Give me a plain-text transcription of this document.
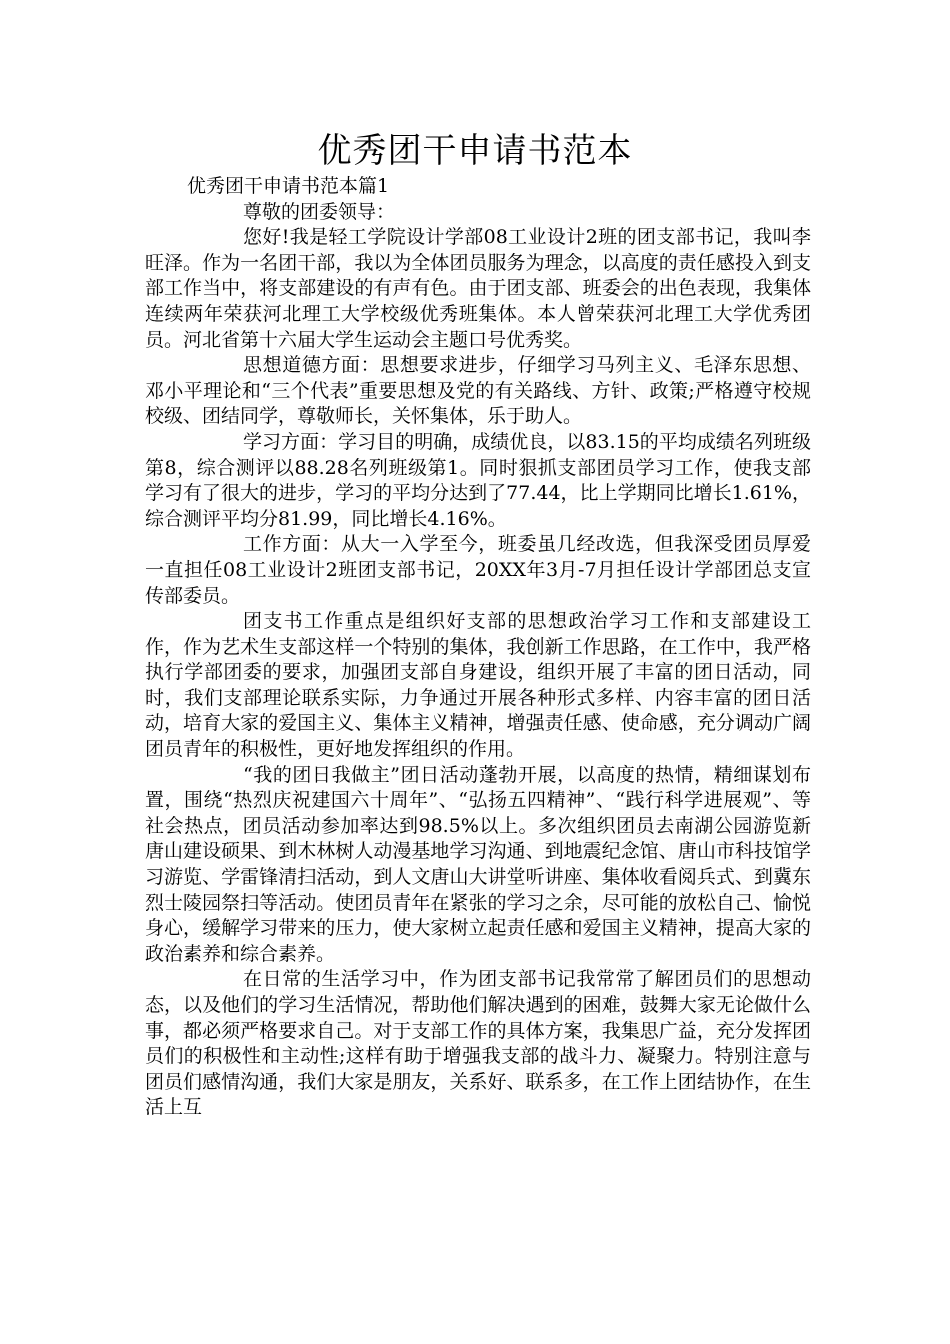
优秀团干申请书范本

优秀团干申请书范本篇1

尊敬的团委领导：

您好!我是轻工学院设计学部08工业设计2班的团支部书记，我叫李旺泽。作为一名团干部，我以为全体团员服务为理念，以高度的责任感投入到支部工作当中，将支部建设的有声有色。由于团支部、班委会的出色表现，我集体连续两年荣获河北理工大学校级优秀班集体。本人曾荣获河北理工大学优秀团员。河北省第十六届大学生运动会主题口号优秀奖。

思想道德方面：思想要求进步，仔细学习马列主义、毛泽东思想、邓小平理论和“三个代表”重要思想及党的有关路线、方针、政策;严格遵守校规校级、团结同学，尊敬师长，关怀集体，乐于助人。

学习方面：学习目的明确，成绩优良，以83.15的平均成绩名列班级第8，综合测评以88.28名列班级第1。同时狠抓支部团员学习工作，使我支部学习有了很大的进步，学习的平均分达到了77.44，比上学期同比增长1.61%，综合测评平均分81.99，同比增长4.16%。

工作方面：从大一入学至今，班委虽几经改选，但我深受团员厚爱一直担任08工业设计2班团支部书记，20XX年3月-7月担任设计学部团总支宣传部委员。

团支书工作重点是组织好支部的思想政治学习工作和支部建设工作，作为艺术生支部这样一个特别的集体，我创新工作思路，在工作中，我严格执行学部团委的要求，加强团支部自身建设，组织开展了丰富的团日活动，同时，我们支部理论联系实际，力争通过开展各种形式多样、内容丰富的团日活动，培育大家的爱国主义、集体主义精神，增强责任感、使命感，充分调动广阔团员青年的积极性，更好地发挥组织的作用。

“我的团日我做主”团日活动蓬勃开展，以高度的热情，精细谋划布置，围绕“热烈庆祝建国六十周年”、“弘扬五四精神”、“践行科学进展观”、等社会热点，团员活动参加率达到98.5%以上。多次组织团员去南湖公园游览新唐山建设硕果、到木林树人动漫基地学习沟通、到地震纪念馆、唐山市科技馆学习游览、学雷锋清扫活动，到人文唐山大讲堂听讲座、集体收看阅兵式、到冀东烈士陵园祭扫等活动。使团员青年在紧张的学习之余，尽可能的放松自己、愉悦身心，缓解学习带来的压力，使大家树立起责任感和爱国主义精神，提高大家的政治素养和综合素养。

在日常的生活学习中，作为团支部书记我常常了解团员们的思想动态，以及他们的学习生活情况，帮助他们解决遇到的困难，鼓舞大家无论做什么事，都必须严格要求自己。对于支部工作的具体方案，我集思广益，充分发挥团员们的积极性和主动性;这样有助于增强我支部的战斗力、凝聚力。特别注意与团员们感情沟通，我们大家是朋友，关系好、联系多，在工作上团结协作，在生活上互
